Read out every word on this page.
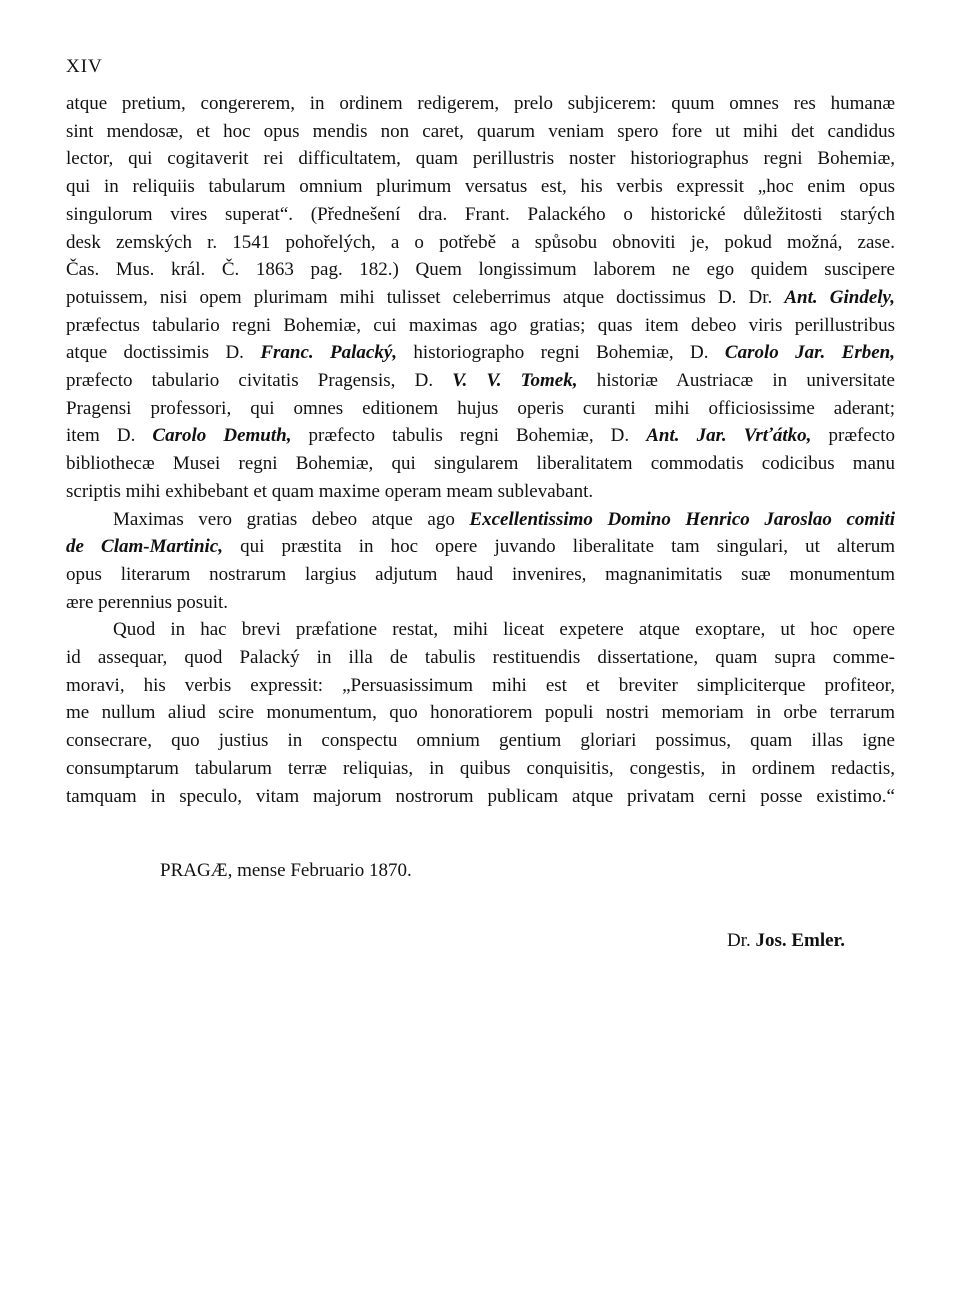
XIV
atque pretium, congererem, in ordinem redigerem, prelo subjicerem: quum omnes res humanæ
sint mendosæ, et hoc opus mendis non caret, quarum veniam spero fore ut mihi det candidus
lector, qui cogitaverit rei difficultatem, quam perillustris noster historiographus regni Bohemiæ,
qui in reliquiis tabularum omnium plurimum versatus est, his verbis expressit „hoc enim opus
singulorum vires superat“. (Přednešení dra. Frant. Palackého o historické důležitosti starých
desk zemských r. 1541 pohořelých, a o potřebě a spůsobu obnoviti je, pokud možná, zase.
Čas. Mus. král. Č. 1863 pag. 182.) Quem longissimum laborem ne ego quidem suscipere
potuissem, nisi opem plurimam mihi tulisset celeberrimus atque doctissimus D. Dr. Ant. Gindely,
præfectus tabulario regni Bohemiæ, cui maximas ago gratias; quas item debeo viris perillustribus
atque doctissimis D. Franc. Palacký, historiographo regni Bohemiæ, D. Carolo Jar. Erben,
præfecto tabulario civitatis Pragensis, D. V. V. Tomek, historiæ Austriacæ in universitate
Pragensi professori, qui omnes editionem hujus operis curanti mihi officiosissime aderant;
item D. Carolo Demuth, præfecto tabulis regni Bohemiæ, D. Ant. Jar. Vrťátko, præfecto
bibliothecæ Musei regni Bohemiæ, qui singularem liberalitatem commodatis codicibus manu
scriptis mihi exhibebant et quam maxime operam meam sublevabant.
Maximas vero gratias debeo atque ago Excellentissimo Domino Henrico Jaroslao comiti
de Clam-Martinic, qui præstita in hoc opere juvando liberalitate tam singulari, ut alterum
opus literarum nostrarum largius adjutum haud invenires, magnanimitatis suæ monumentum
ære perennius posuit.
Quod in hac brevi præfatione restat, mihi liceat expetere atque exoptare, ut hoc opere
id assequar, quod Palacký in illa de tabulis restituendis dissertatione, quam supra comme-
moravi, his verbis expressit: „Persuasissimum mihi est et breviter simpliciterque profiteor,
me nullum aliud scire monumentum, quo honoratiorem populi nostri memoriam in orbe terrarum
consecrare, quo justius in conspectu omnium gentium gloriari possimus, quam illas igne
consumptarum tabularum terræ reliquias, in quibus conquisitis, congestis, in ordinem redactis,
tamquam in speculo, vitam majorum nostrorum publicam atque privatam cerni posse existimo.“
PRAGÆ, mense Februario 1870.
Dr. Jos. Emler.
